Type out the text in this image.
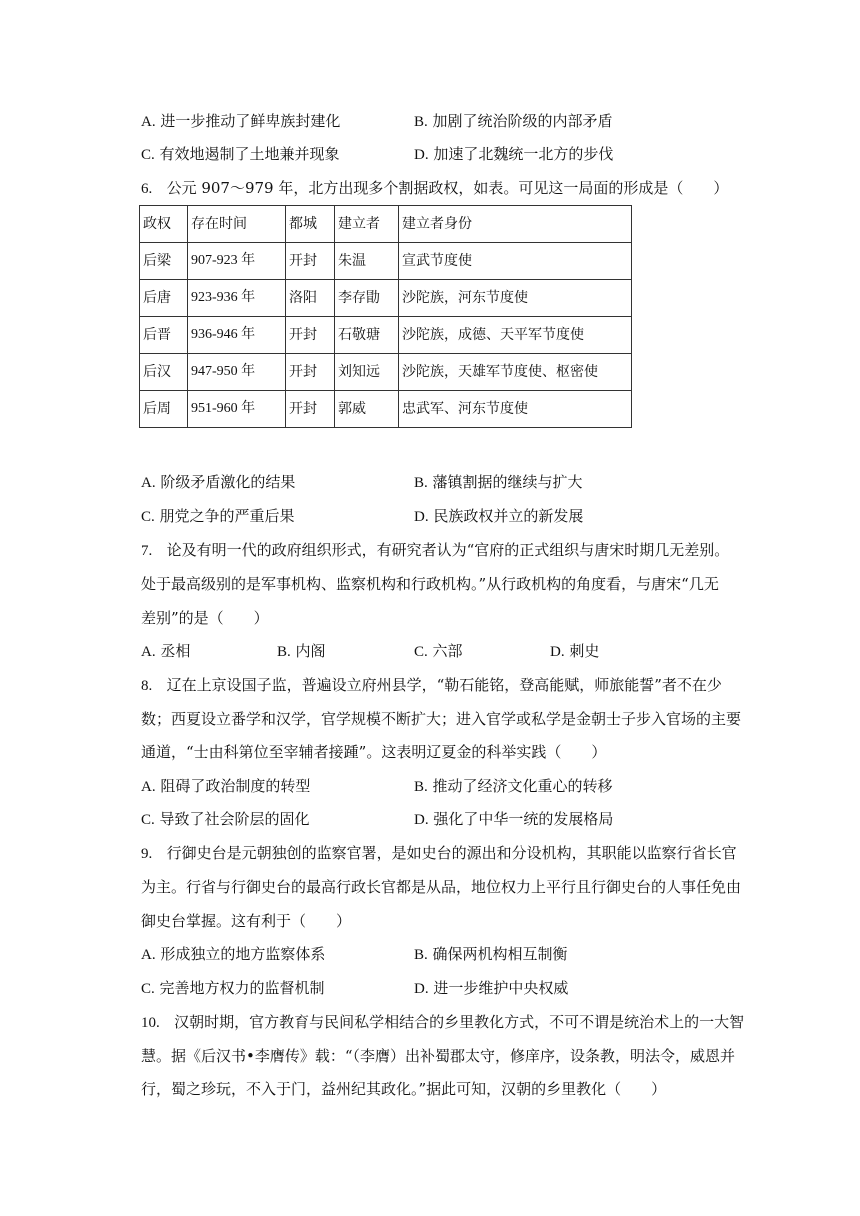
A. 进一步推动了鲜卑族封建化	B. 加剧了统治阶级的内部矛盾
C. 有效地遏制了土地兼并现象	D. 加速了北魏统一北方的步伐
6. 公元 907～979 年，北方出现多个割据政权，如表。可见这一局面的形成是（　　）
政权	存在时间	都城	建立者	建立者身份
后梁	907-923 年	开封	朱温	宣武节度使
后唐	923-936 年	洛阳	李存勖	沙陀族，河东节度使
后晋	936-946 年	开封	石敬瑭	沙陀族，成德、天平军节度使
后汉	947-950 年	开封	刘知远	沙陀族，天雄军节度使、枢密使
后周	951-960 年	开封	郭威	忠武军、河东节度使
A. 阶级矛盾激化的结果	B. 藩镇割据的继续与扩大
C. 朋党之争的严重后果	D. 民族政权并立的新发展
7. 论及有明一代的政府组织形式，有研究者认为“官府的正式组织与唐宋时期几无差别。
处于最高级别的是军事机构、监察机构和行政机构。”从行政机构的角度看，与唐宋“几无
差别”的是（　　）
A. 丞相	B. 内阁	C. 六部	D. 刺史
8. 辽在上京设国子监，普遍设立府州县学，“勒石能铭，登高能赋，师旅能誓”者不在少
数；西夏设立番学和汉学，官学规模不断扩大；进入官学或私学是金朝士子步入官场的主要
通道，“士由科第位至宰辅者接踵”。这表明辽夏金的科举实践（　　）
A. 阻碍了政治制度的转型	B. 推动了经济文化重心的转移
C. 导致了社会阶层的固化	D. 强化了中华一统的发展格局
9. 行御史台是元朝独创的监察官署，是如史台的源出和分设机构，其职能以监察行省长官
为主。行省与行御史台的最高行政长官都是从品，地位权力上平行且行御史台的人事任免由
御史台掌握。这有利于（　　）
A. 形成独立的地方监察体系	B. 确保两机构相互制衡
C. 完善地方权力的监督机制	D. 进一步维护中央权威
10. 汉朝时期，官方教育与民间私学相结合的乡里教化方式，不可不谓是统治术上的一大智
慧。据《后汉书•李膺传》载：“（李膺）出补蜀郡太守，修庠序，设条教，明法令，威恩并
行，蜀之珍玩，不入于门，益州纪其政化。”据此可知，汉朝的乡里教化（　　）
